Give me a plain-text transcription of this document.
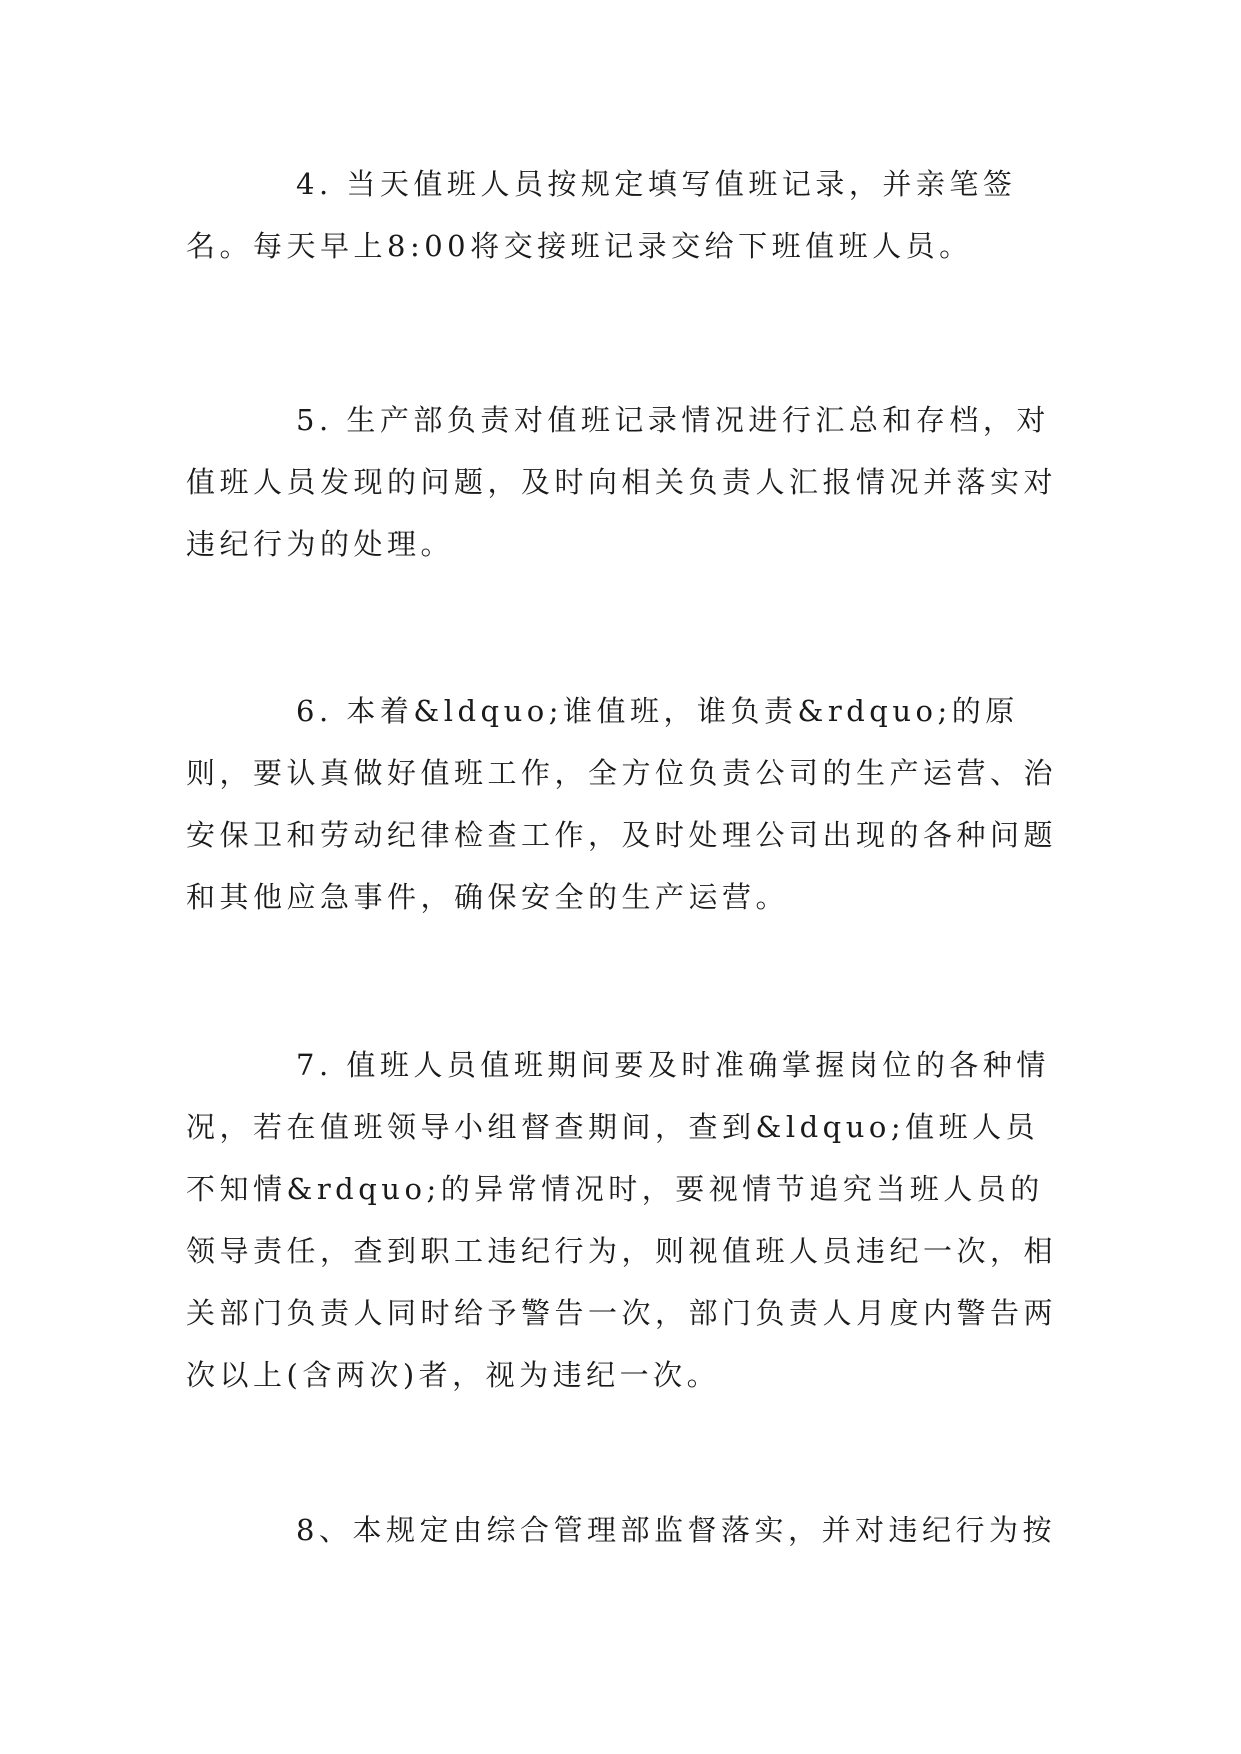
4. 当天值班人员按规定填写值班记录，并亲笔签名。每天早上8:00将交接班记录交给下班值班人员。

5. 生产部负责对值班记录情况进行汇总和存档，对值班人员发现的问题，及时向相关负责人汇报情况并落实对违纪行为的处理。

6. 本着&ldquo;谁值班，谁负责&rdquo;的原则，要认真做好值班工作，全方位负责公司的生产运营、治安保卫和劳动纪律检查工作，及时处理公司出现的各种问题和其他应急事件，确保安全的生产运营。

7. 值班人员值班期间要及时准确掌握岗位的各种情况，若在值班领导小组督查期间，查到&ldquo;值班人员不知情&rdquo;的异常情况时，要视情节追究当班人员的领导责任，查到职工违纪行为，则视值班人员违纪一次，相关部门负责人同时给予警告一次，部门负责人月度内警告两次以上(含两次)者，视为违纪一次。

8、本规定由综合管理部监督落实，并对违纪行为按
